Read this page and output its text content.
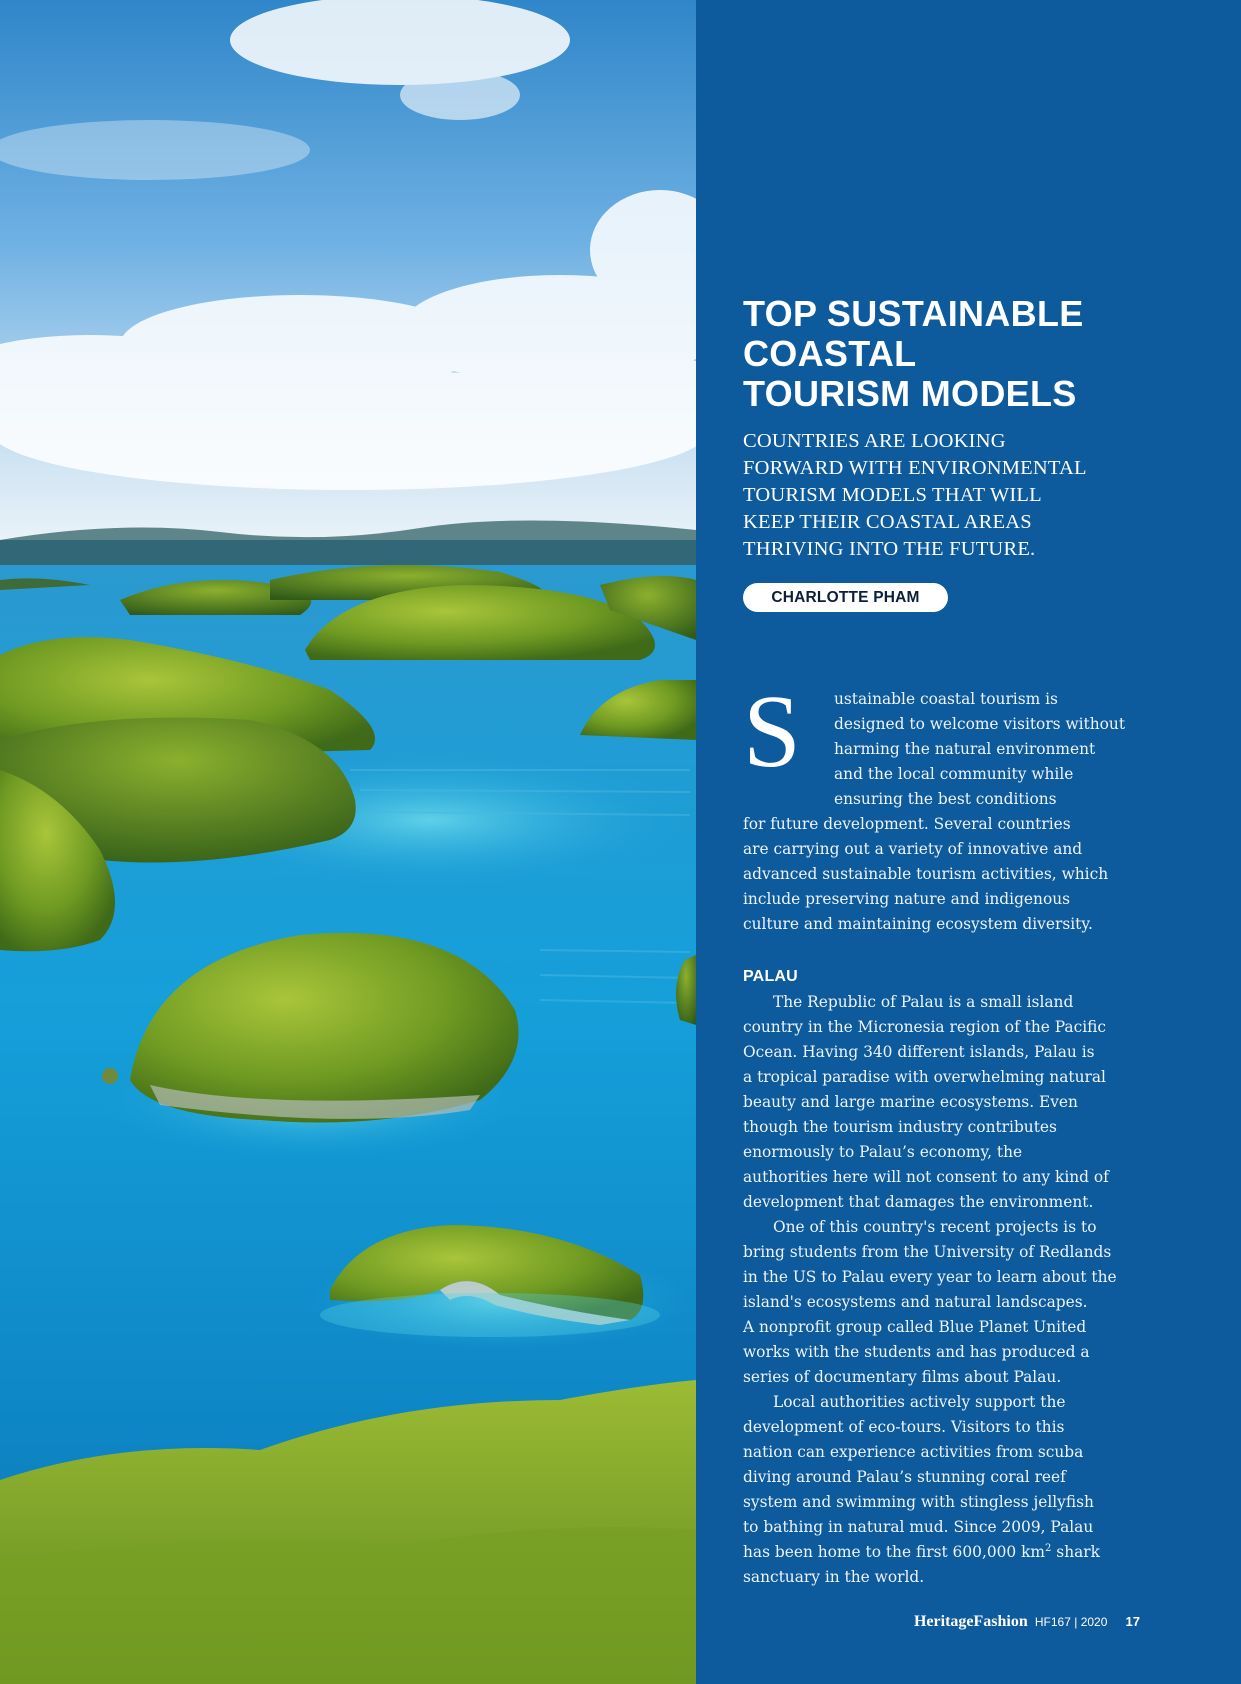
TOP SUSTAINABLE
COASTAL
TOURISM MODELS

COUNTRIES ARE LOOKING
FORWARD WITH ENVIRONMENTAL
TOURISM MODELS THAT WILL
KEEP THEIR COASTAL AREAS
THRIVING INTO THE FUTURE.

CHARLOTTE PHAM
S	ustainable coastal tourism is
designed to welcome visitors without
harming the natural environment
and the local community while
ensuring the best conditions
for future development. Several countries
are carrying out a variety of innovative and
advanced sustainable tourism activities, which
include preserving nature and indigenous
culture and maintaining ecosystem diversity.
PALAU
The Republic of Palau is a small island
country in the Micronesia region of the Pacific
Ocean. Having 340 different islands, Palau is
a tropical paradise with overwhelming natural
beauty and large marine ecosystems. Even
though the tourism industry contributes
enormously to Palau’s economy, the
authorities here will not consent to any kind of
development that damages the environment.
One of this country's recent projects is to
bring students from the University of Redlands
in the US to Palau every year to learn about the
island's ecosystems and natural landscapes.
A nonprofit group called Blue Planet United
works with the students and has produced a
series of documentary films about Palau.
Local authorities actively support the
development of eco-tours. Visitors to this
nation can experience activities from scuba
diving around Palau’s stunning coral reef
system and swimming with stingless jellyfish
to bathing in natural mud. Since 2009, Palau
has been home to the first 600,000 $km^2$ shark
sanctuary in the world.
HeritageFashion HF167 | 2020 17
